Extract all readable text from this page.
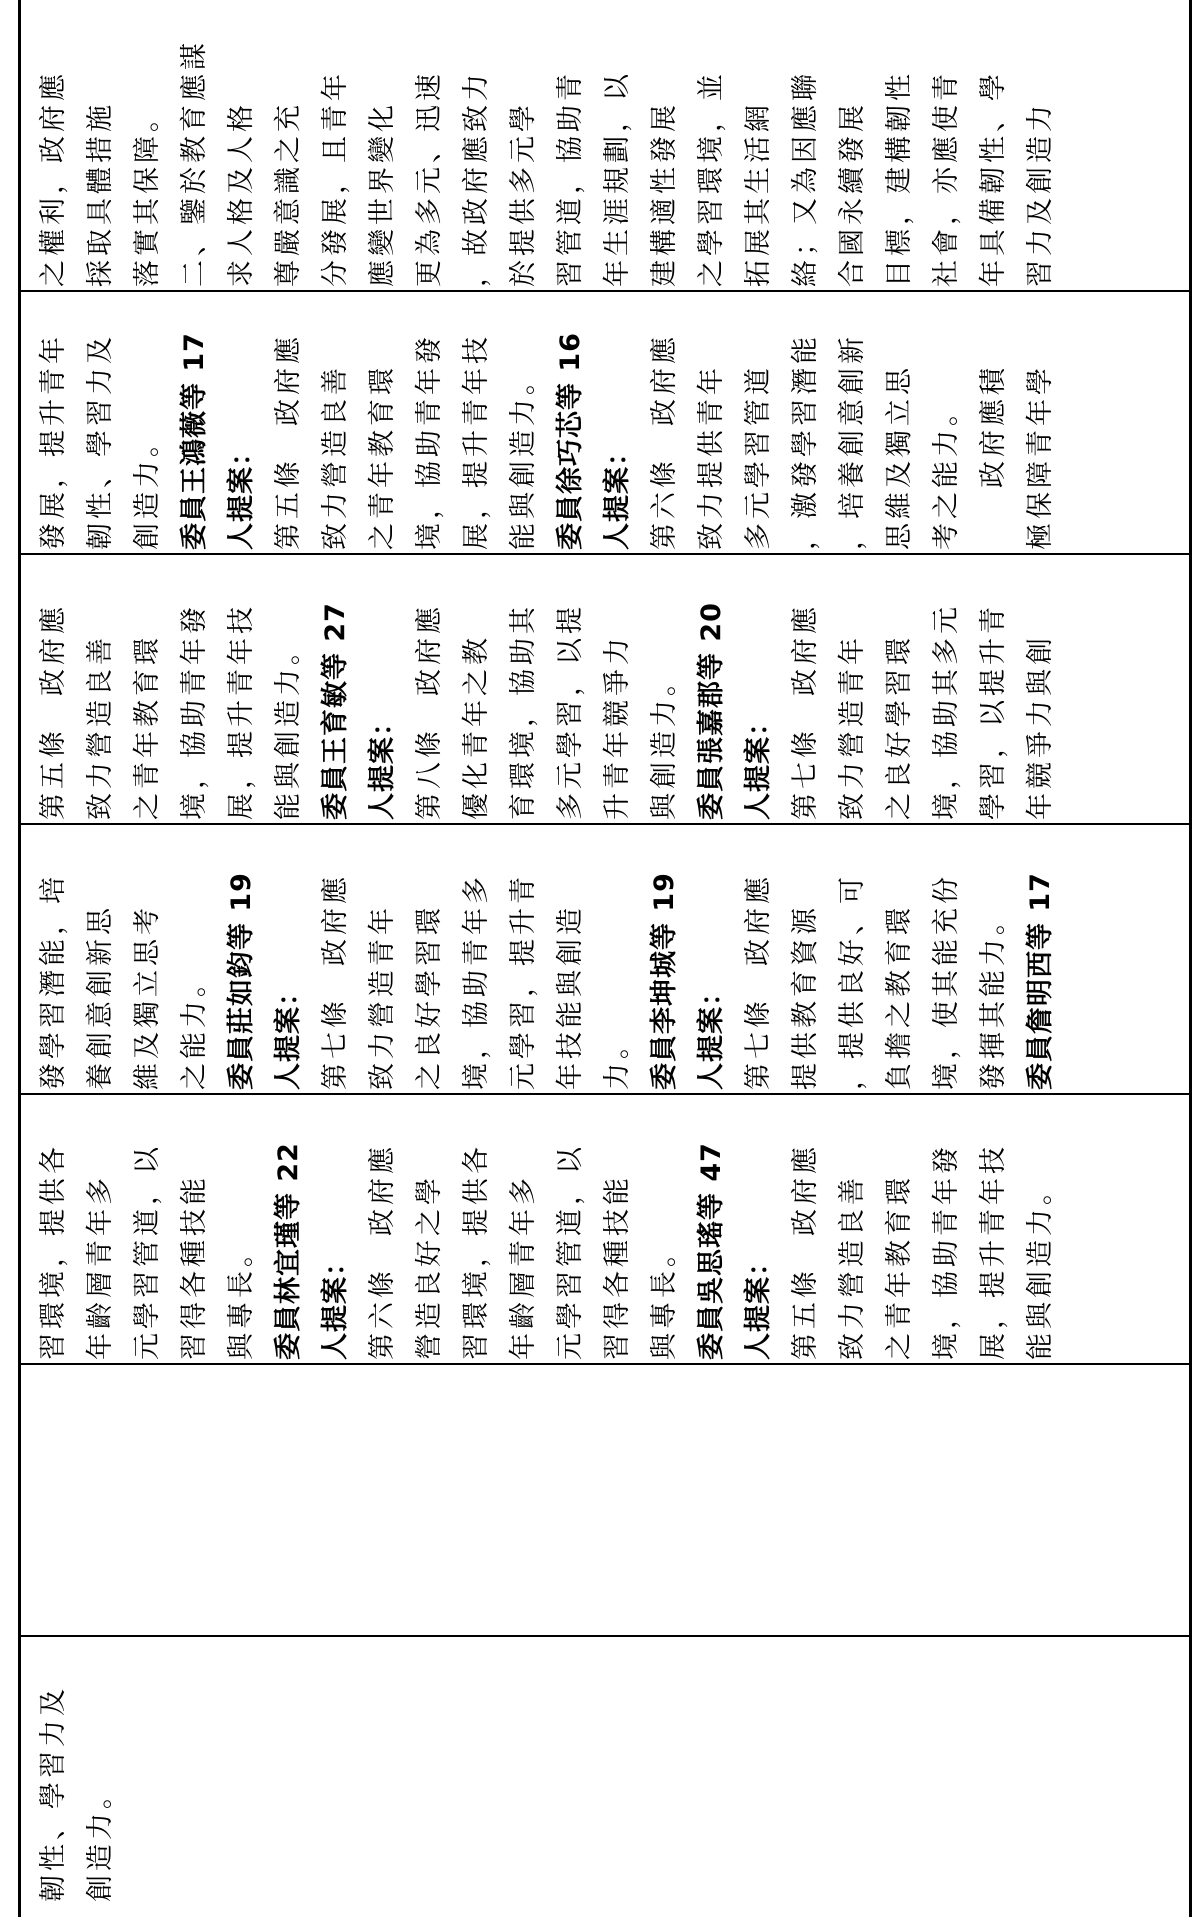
韌性、學習力及 創造力。
習環境，提供各 年齡層青年多 元學習管道，以 習得各種技能 與專長。 委員林宜瑾等 22 人提案： 第六條　政府應 營造良好之學 習環境，提供各 年齡層青年多 元學習管道，以 習得各種技能 與專長。 委員吳思瑤等 47 人提案： 第五條　政府應 致力營造良善 之青年教育環 境，協助青年發 展，提升青年技 能與創造力。
發學習潛能，培 養創意創新思 維及獨立思考 之能力。 委員莊如鈞等 19 人提案： 第七條　政府應 致力營造青年 之良好學習環 境，協助青年多 元學習，提升青 年技能與創造 力。 委員李坤城等 19 人提案： 第七條　政府應 提供教育資源 ，提供良好、可 負擔之教育環 境，使其能充份 發揮其能力。 委員詹明西等 17
第五條　政府應 致力營造良善 之青年教育環 境，協助青年發 展，提升青年技 能與創造力。 委員王育敏等 27 人提案： 第八條　政府應 優化青年之教 育環境，協助其 多元學習，以提 升青年競爭力 與創造力。 委員張嘉郡等 20 人提案： 第七條　政府應 致力營造青年 之良好學習環 境，協助其多元 學習，以提升青 年競爭力與創
發展，提升青年 韌性、學習力及 創造力。 委員王鴻薇等 17 人提案： 第五條　政府應 致力營造良善 之青年教育環 境，協助青年發 展，提升青年技 能與創造力。 委員徐巧芯等 16 人提案： 第六條　政府應 致力提供青年 多元學習管道 ，激發學習潛能 ，培養創意創新 思維及獨立思 考之能力。 　　政府應積 極保障青年學
之權利，政府應 採取具體措施 落實其保障。 二、鑒於教育應謀 求人格及人格 尊嚴意識之充 分發展，且青年 應變世界變化 更為多元、迅速 ，故政府應致力 於提供多元學 習管道，協助青 年生涯規劃，以 建構適性發展 之學習環境，並 拓展其生活網 絡；又為因應聯 合國永續發展 目標，建構韌性 社會，亦應使青 年具備韌性、學 習力及創造力
